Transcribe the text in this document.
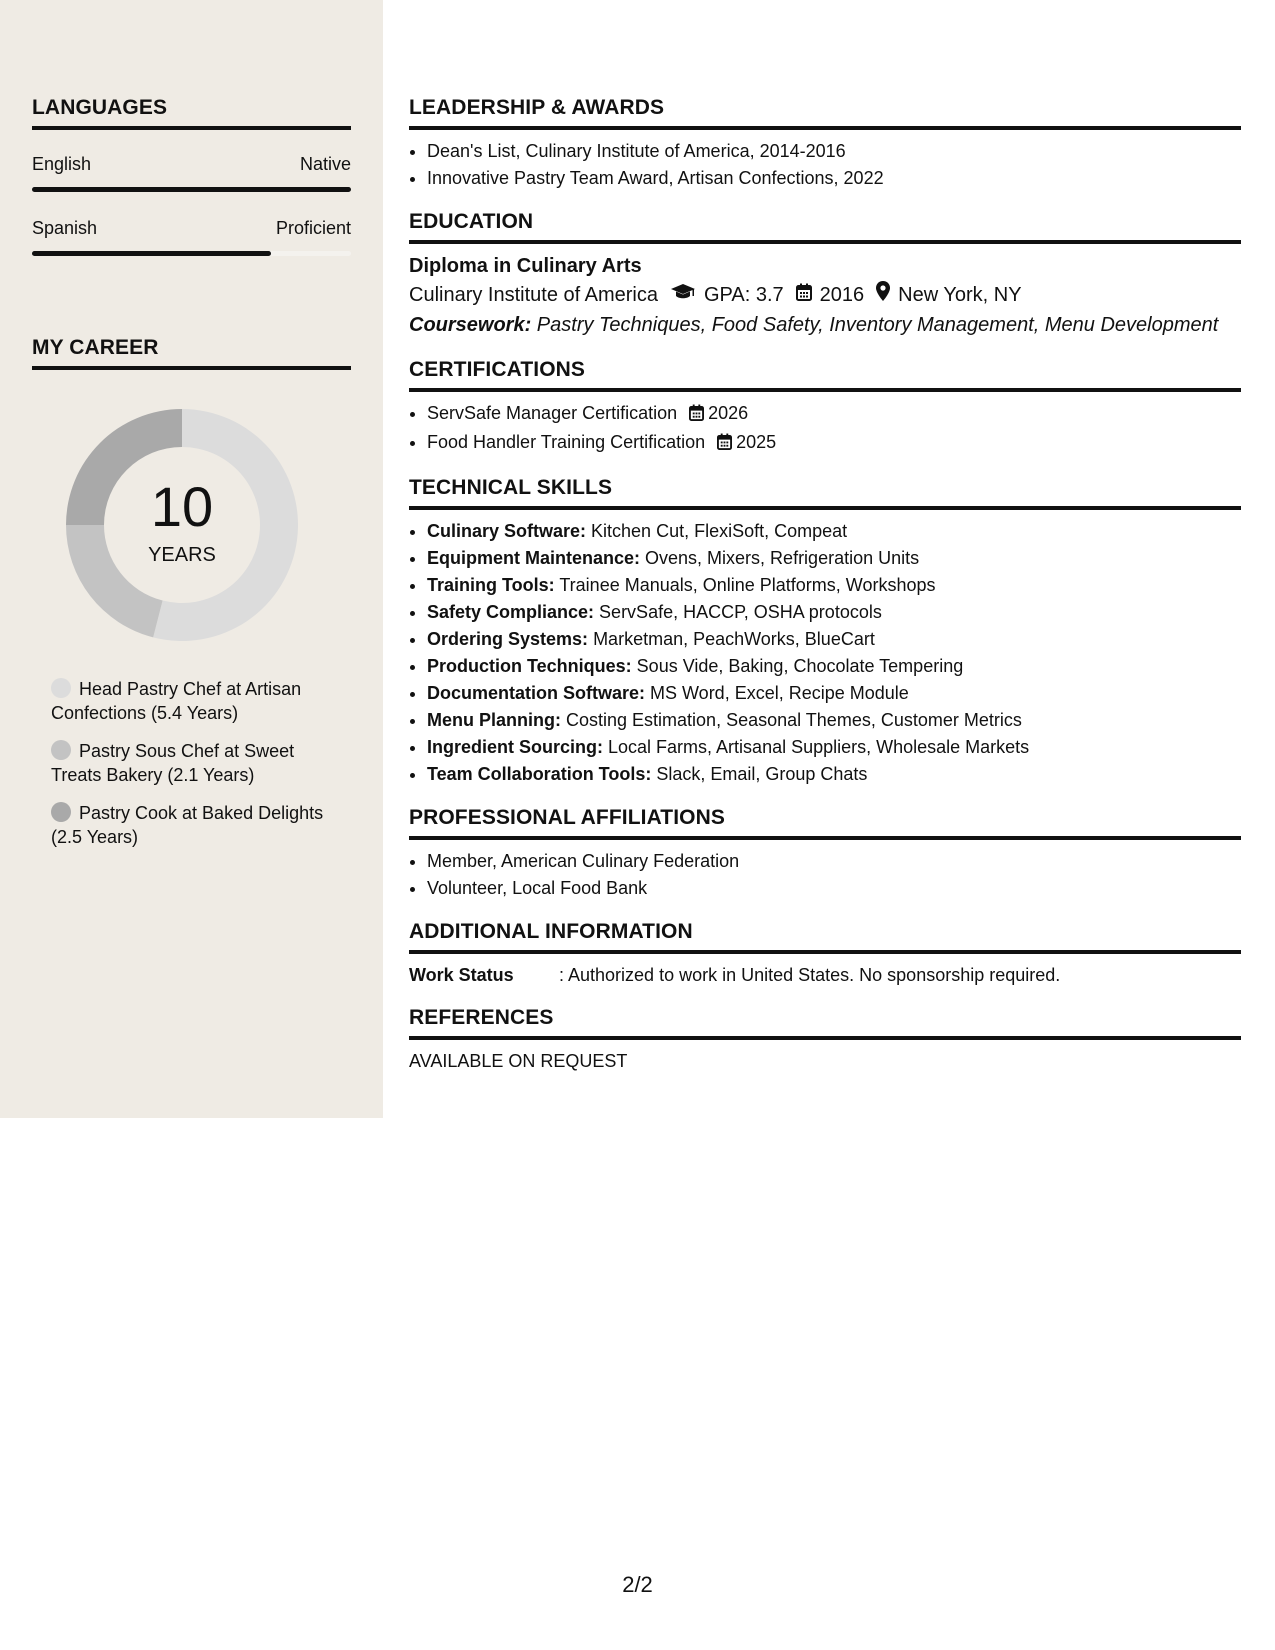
LANGUAGES
English	Native
Spanish	Proficient
MY CAREER
10
YEARS
Head Pastry Chef at Artisan Confections (5.4 Years)
Pastry Sous Chef at Sweet Treats Bakery (2.1 Years)
Pastry Cook at Baked Delights (2.5 Years)
LEADERSHIP & AWARDS
• Dean's List, Culinary Institute of America, 2014-2016
• Innovative Pastry Team Award, Artisan Confections, 2022
EDUCATION
Diploma in Culinary Arts
Culinary Institute of America GPA: 3.7 2016 New York, NY
Coursework: Pastry Techniques, Food Safety, Inventory Management, Menu Development
CERTIFICATIONS
• ServSafe Manager Certification 2026
• Food Handler Training Certification 2025
TECHNICAL SKILLS
• Culinary Software: Kitchen Cut, FlexiSoft, Compeat
• Equipment Maintenance: Ovens, Mixers, Refrigeration Units
• Training Tools: Trainee Manuals, Online Platforms, Workshops
• Safety Compliance: ServSafe, HACCP, OSHA protocols
• Ordering Systems: Marketman, PeachWorks, BlueCart
• Production Techniques: Sous Vide, Baking, Chocolate Tempering
• Documentation Software: MS Word, Excel, Recipe Module
• Menu Planning: Costing Estimation, Seasonal Themes, Customer Metrics
• Ingredient Sourcing: Local Farms, Artisanal Suppliers, Wholesale Markets
• Team Collaboration Tools: Slack, Email, Group Chats
PROFESSIONAL AFFILIATIONS
• Member, American Culinary Federation
• Volunteer, Local Food Bank
ADDITIONAL INFORMATION
Work Status	: Authorized to work in United States. No sponsorship required.
REFERENCES
AVAILABLE ON REQUEST
2/2
